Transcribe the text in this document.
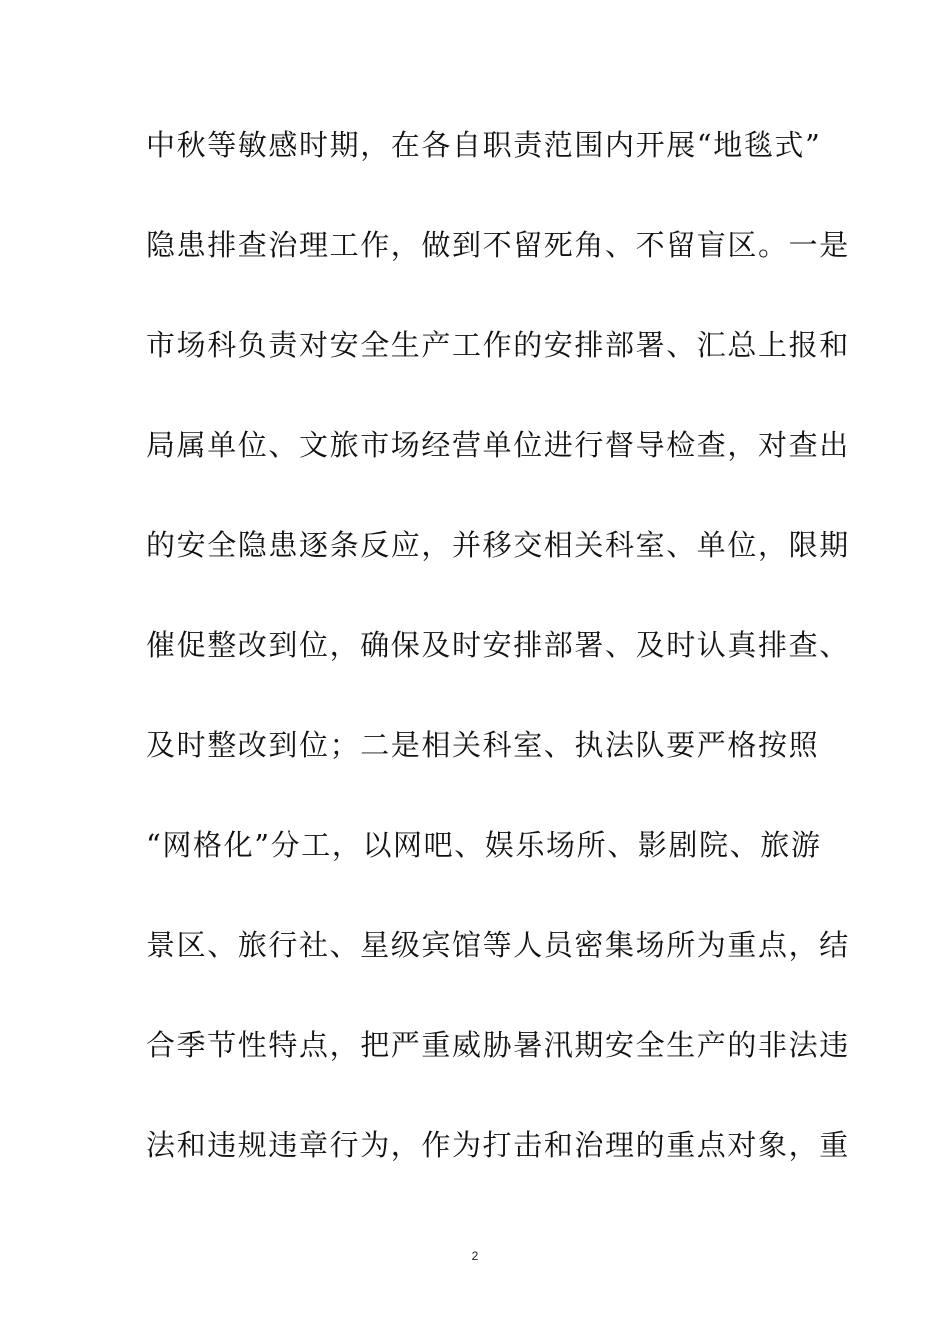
中秋等敏感时期，在各自职责范围内开展“地毯式”
隐患排查治理工作，做到不留死角、不留盲区。一是
市场科负责对安全生产工作的安排部署、汇总上报和
局属单位、文旅市场经营单位进行督导检查，对查出
的安全隐患逐条反应，并移交相关科室、单位，限期
催促整改到位，确保及时安排部署、及时认真排查、
及时整改到位；二是相关科室、执法队要严格按照
“网格化”分工，以网吧、娱乐场所、影剧院、旅游
景区、旅行社、星级宾馆等人员密集场所为重点，结
合季节性特点，把严重威胁暑汛期安全生产的非法违
法和违规违章行为，作为打击和治理的重点对象，重
2
